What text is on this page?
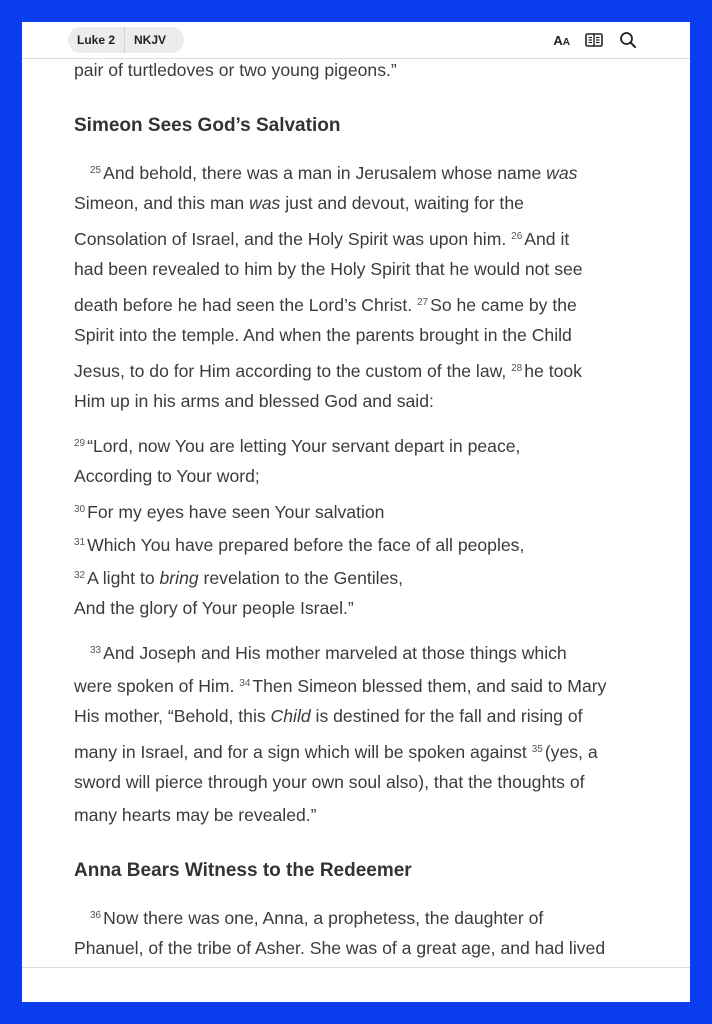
Luke 2	NKJV	AA
pair of turtledoves or two young pigeons.”
Simeon Sees God’s Salvation
$^{25}$ And behold, there was a man in Jerusalem whose name was
Simeon, and this man was just and devout, waiting for the
Consolation of Israel, and the Holy Spirit was upon him. $^{26}$ And it
had been revealed to him by the Holy Spirit that he would not see
death before he had seen the Lord’s Christ. $^{27}$ So he came by the
Spirit into the temple. And when the parents brought in the Child
Jesus, to do for Him according to the custom of the law, $^{28}$ he took
Him up in his arms and blessed God and said:
$^{29}$ “Lord, now You are letting Your servant depart in peace,
According to Your word;
$^{30}$ For my eyes have seen Your salvation
$^{31}$ Which You have prepared before the face of all peoples,
$^{32}$ A light to bring revelation to the Gentiles,
And the glory of Your people Israel.”
$^{33}$ And Joseph and His mother marveled at those things which
were spoken of Him. $^{34}$ Then Simeon blessed them, and said to Mary
His mother, “Behold, this Child is destined for the fall and rising of
many in Israel, and for a sign which will be spoken against $^{35}$ (yes, a
sword will pierce through your own soul also), that the thoughts of
many hearts may be revealed.”
Anna Bears Witness to the Redeemer
$^{36}$ Now there was one, Anna, a prophetess, the daughter of
Phanuel, of the tribe of Asher. She was of a great age, and had lived
